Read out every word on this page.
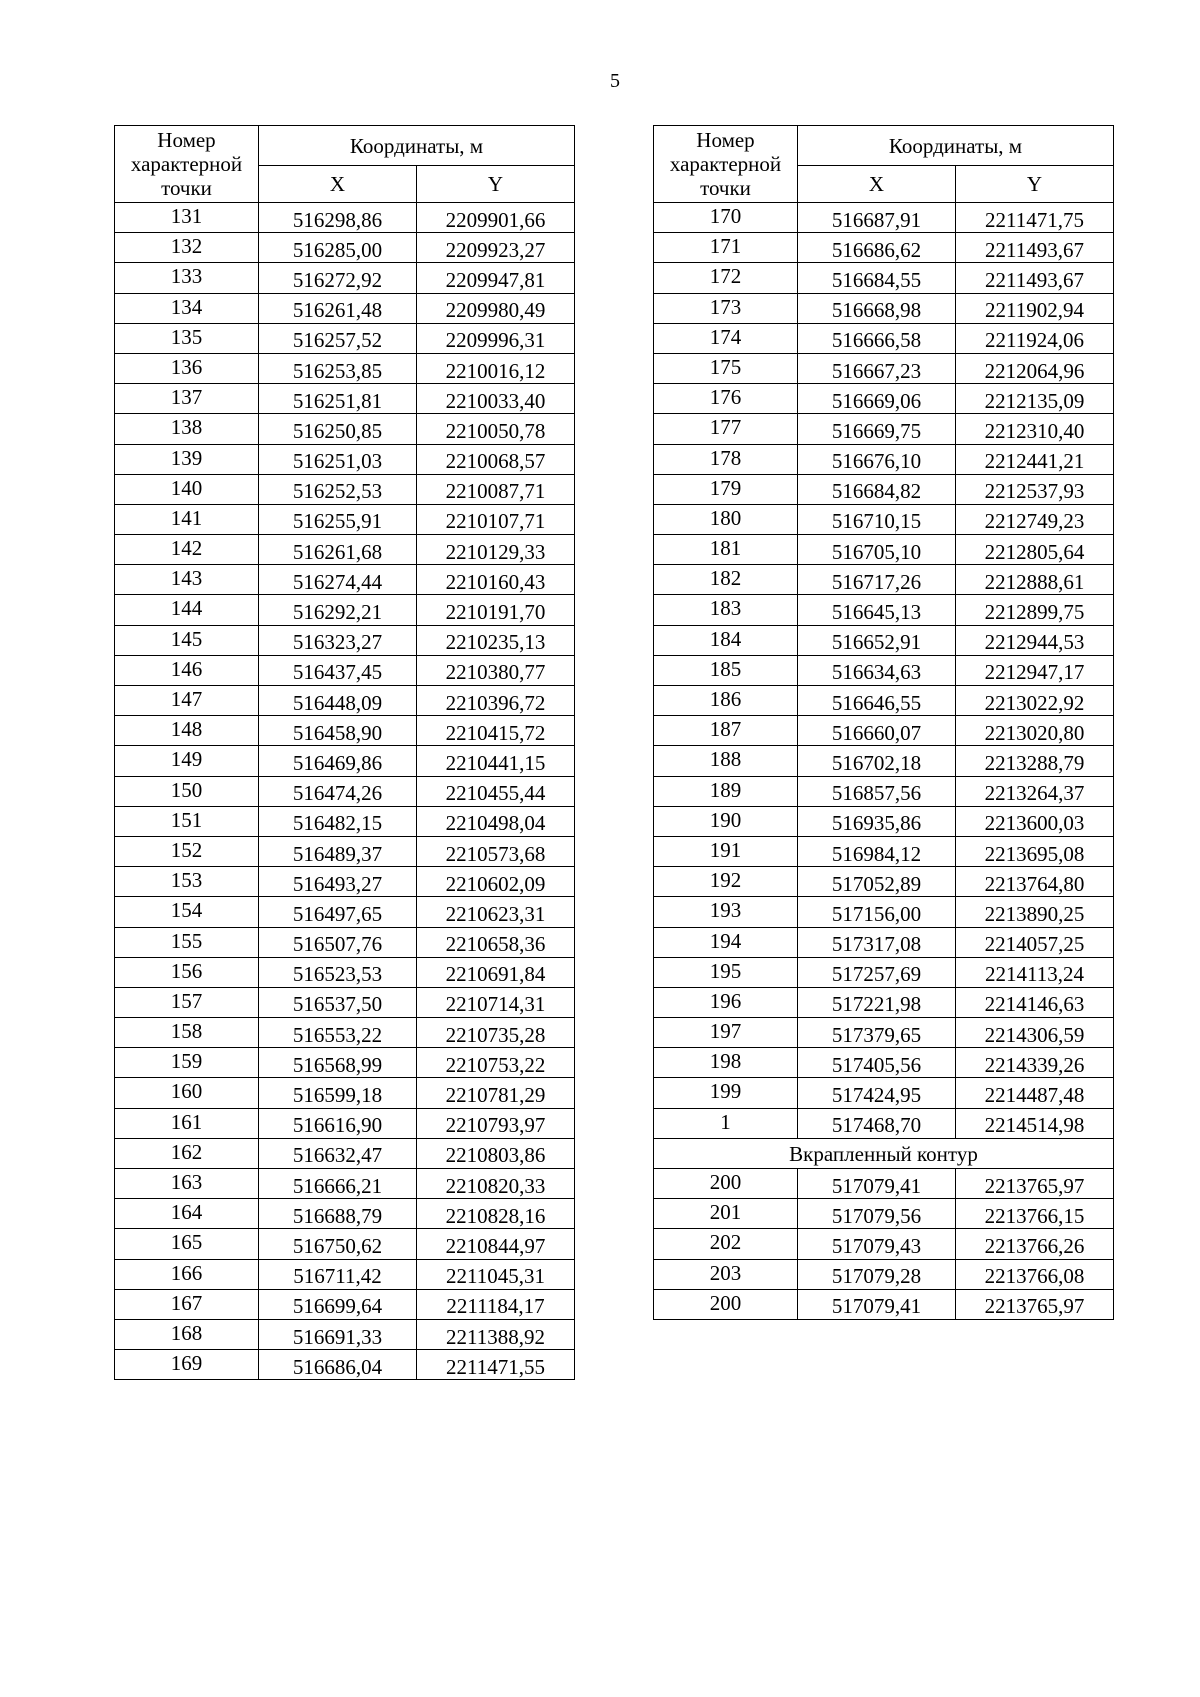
5
Номер характерной точки	Координаты, м	
	X	Y
131	516298,86	2209901,66
132	516285,00	2209923,27
133	516272,92	2209947,81
134	516261,48	2209980,49
135	516257,52	2209996,31
136	516253,85	2210016,12
137	516251,81	2210033,40
138	516250,85	2210050,78
139	516251,03	2210068,57
140	516252,53	2210087,71
141	516255,91	2210107,71
142	516261,68	2210129,33
143	516274,44	2210160,43
144	516292,21	2210191,70
145	516323,27	2210235,13
146	516437,45	2210380,77
147	516448,09	2210396,72
148	516458,90	2210415,72
149	516469,86	2210441,15
150	516474,26	2210455,44
151	516482,15	2210498,04
152	516489,37	2210573,68
153	516493,27	2210602,09
154	516497,65	2210623,31
155	516507,76	2210658,36
156	516523,53	2210691,84
157	516537,50	2210714,31
158	516553,22	2210735,28
159	516568,99	2210753,22
160	516599,18	2210781,29
161	516616,90	2210793,97
162	516632,47	2210803,86
163	516666,21	2210820,33
164	516688,79	2210828,16
165	516750,62	2210844,97
166	516711,42	2211045,31
167	516699,64	2211184,17
168	516691,33	2211388,92
169	516686,04	2211471,55
Номер характерной точки	Координаты, м	
	X	Y
170	516687,91	2211471,75
171	516686,62	2211493,67
172	516684,55	2211493,67
173	516668,98	2211902,94
174	516666,58	2211924,06
175	516667,23	2212064,96
176	516669,06	2212135,09
177	516669,75	2212310,40
178	516676,10	2212441,21
179	516684,82	2212537,93
180	516710,15	2212749,23
181	516705,10	2212805,64
182	516717,26	2212888,61
183	516645,13	2212899,75
184	516652,91	2212944,53
185	516634,63	2212947,17
186	516646,55	2213022,92
187	516660,07	2213020,80
188	516702,18	2213288,79
189	516857,56	2213264,37
190	516935,86	2213600,03
191	516984,12	2213695,08
192	517052,89	2213764,80
193	517156,00	2213890,25
194	517317,08	2214057,25
195	517257,69	2214113,24
196	517221,98	2214146,63
197	517379,65	2214306,59
198	517405,56	2214339,26
199	517424,95	2214487,48
1	517468,70	2214514,98
Вкрапленный контур		
200	517079,41	2213765,97
201	517079,56	2213766,15
202	517079,43	2213766,26
203	517079,28	2213766,08
200	517079,41	2213765,97
